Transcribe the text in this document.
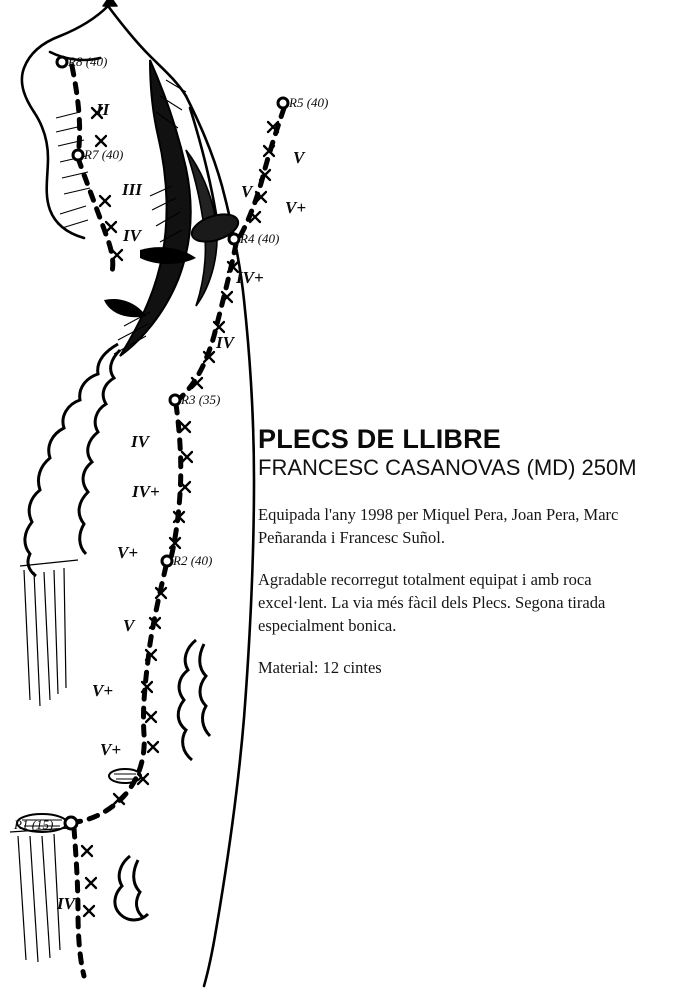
R8 (40)
R7 (40)
R5 (40)
R4 (40)
R3 (35)
R2 (40)
R1 (15)
II
III
IV
V
V+
V
IV+
IV
IV
IV+
V+
V
V+
V+
IV
PLECS DE LLIBRE
FRANCESC CASANOVAS (MD) 250M

Equipada l'any 1998 per Miquel Pera, Joan Pera, Marc Peñaranda i Francesc Suñol.

Agradable recorregut totalment equipat i amb roca excel·lent. La via més fàcil dels Plecs. Segona tirada especialment bonica.

Material: 12 cintes
